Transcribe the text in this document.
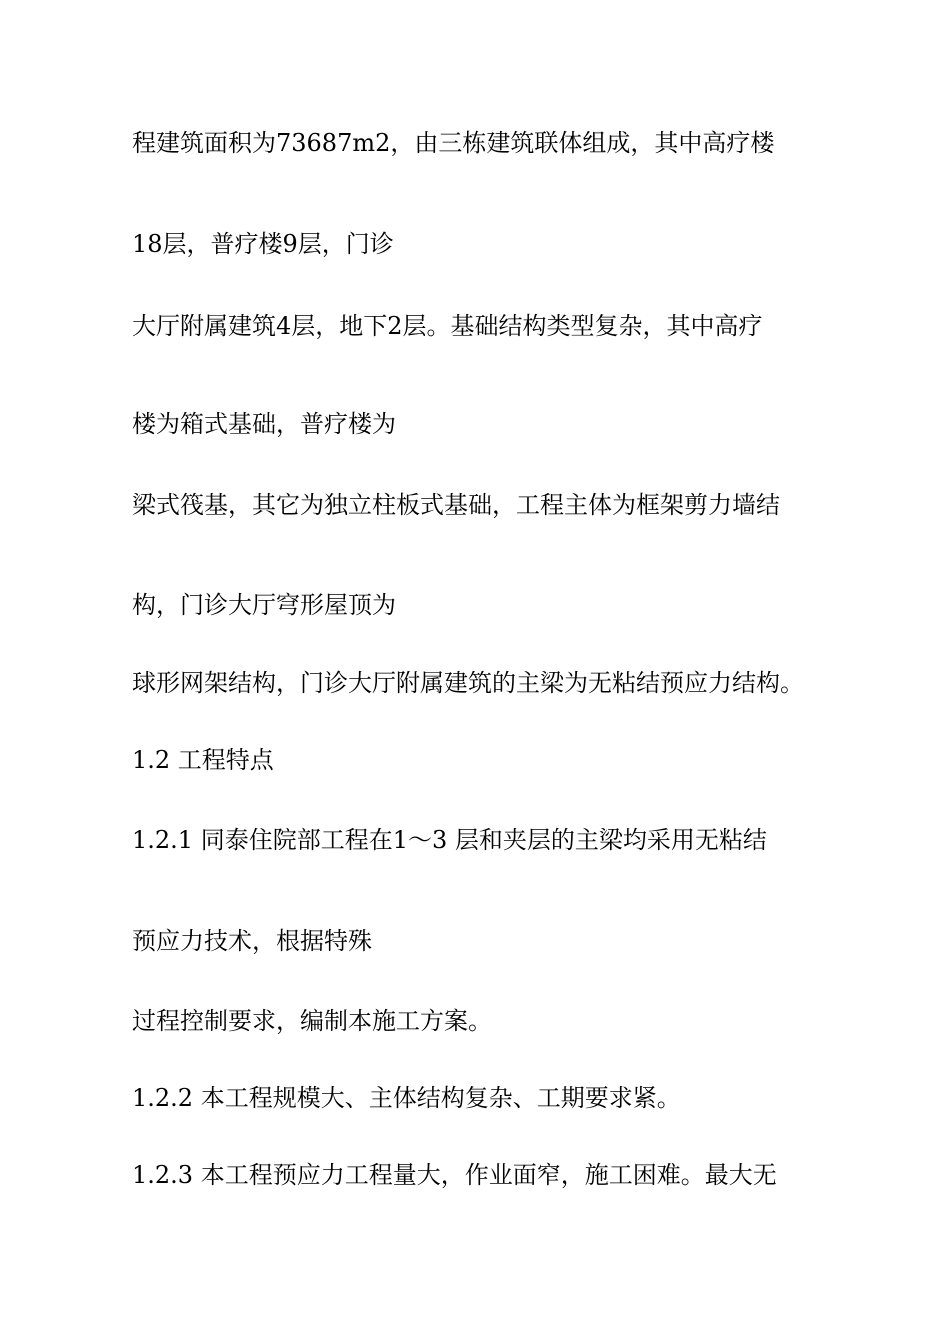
程建筑面积为73687m2，由三栋建筑联体组成，其中高疗楼
18层，普疗楼9层，门诊
大厅附属建筑4层，地下2层。基础结构类型复杂，其中高疗
楼为箱式基础，普疗楼为
梁式筏基，其它为独立柱板式基础，工程主体为框架剪力墙结
构，门诊大厅穹形屋顶为
球形网架结构，门诊大厅附属建筑的主梁为无粘结预应力结构。
1.2 工程特点
1.2.1 同泰住院部工程在1～3 层和夹层的主梁均采用无粘结
预应力技术，根据特殊
过程控制要求，编制本施工方案。
1.2.2 本工程规模大、主体结构复杂、工期要求紧。
1.2.3 本工程预应力工程量大，作业面窄，施工困难。最大无
